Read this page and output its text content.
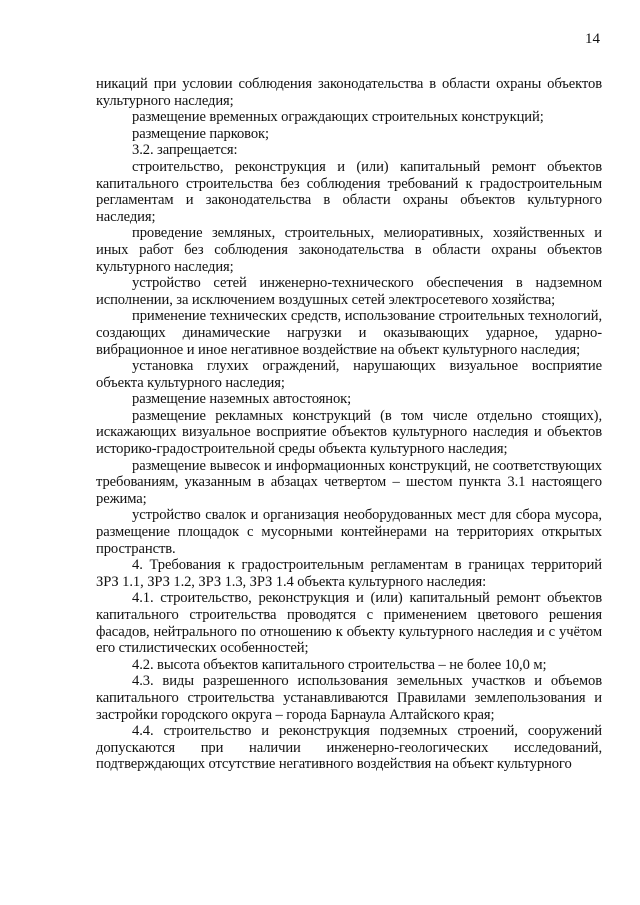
14

никаций при условии соблюдения законодательства в области охраны объектов культурного наследия;

размещение временных ограждающих строительных конструкций;

размещение парковок;

3.2. запрещается:

строительство, реконструкция и (или) капитальный ремонт объектов капитального строительства без соблюдения требований к градостроительным регламентам и законодательства в области охраны объектов культурного наследия;

проведение земляных, строительных, мелиоративных, хозяйственных и иных работ без соблюдения законодательства в области охраны объектов культурного наследия;

устройство сетей инженерно-технического обеспечения в надземном исполнении, за исключением воздушных сетей электросетевого хозяйства;

применение технических средств, использование строительных технологий, создающих динамические нагрузки и оказывающих ударное, ударно-вибрационное и иное негативное воздействие на объект культурного наследия;

установка глухих ограждений, нарушающих визуальное восприятие объекта культурного наследия;

размещение наземных автостоянок;

размещение рекламных конструкций (в том числе отдельно стоящих), искажающих визуальное восприятие объектов культурного наследия и объектов историко-градостроительной среды объекта культурного наследия;

размещение вывесок и информационных конструкций, не соответствующих требованиям, указанным в абзацах четвертом – шестом пункта 3.1 настоящего режима;

устройство свалок и организация необорудованных мест для сбора мусора, размещение площадок с мусорными контейнерами на территориях открытых пространств.

4. Требования к градостроительным регламентам в границах территорий ЗРЗ 1.1, ЗРЗ 1.2, ЗРЗ 1.3, ЗРЗ 1.4 объекта культурного наследия:

4.1. строительство, реконструкция и (или) капитальный ремонт объектов капитального строительства проводятся с применением цветового решения фасадов, нейтрального по отношению к объекту культурного наследия и с учётом его стилистических особенностей;

4.2. высота объектов капитального строительства – не более 10,0 м;

4.3. виды разрешенного использования земельных участков и объемов капитального строительства устанавливаются Правилами землепользования и застройки городского округа – города Барнаула Алтайского края;

4.4. строительство и реконструкция подземных строений, сооружений допускаются при наличии инженерно-геологических исследований, подтверждающих отсутствие негативного воздействия на объект культурного
